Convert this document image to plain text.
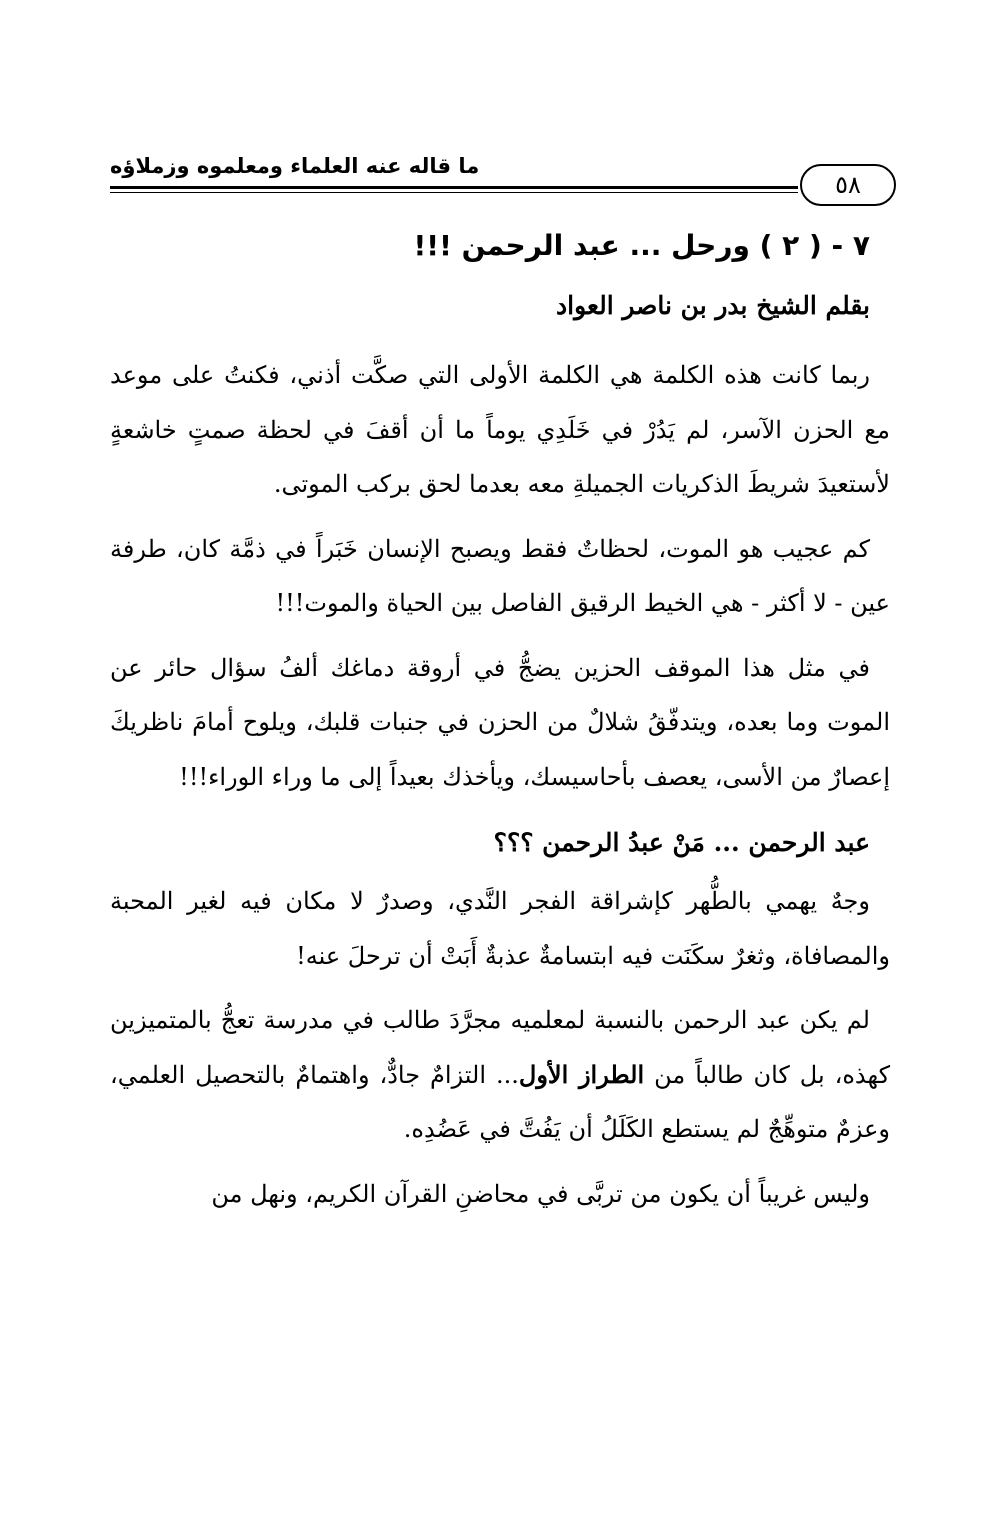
ما قاله عنه العلماء ومعلموه وزملاؤه
٥٨
٧ - ( ٢ ) ورحل ... عبد الرحمن !!!
بقلم الشيخ بدر بن ناصر العواد

ربما كانت هذه الكلمة هي الكلمة الأولى التي صكَّت أذني، فكنتُ على موعد مع الحزن الآسر، لم يَدُرْ في خَلَدِي يوماً ما أن أقفَ في لحظة صمتٍ خاشعةٍ لأستعيدَ شريطَ الذكريات الجميلةِ معه بعدما لحق بركب الموتى.

كم عجيب هو الموت، لحظاتٌ فقط ويصبح الإنسان خَبَراً في ذمَّة كان، طرفة عين - لا أكثر - هي الخيط الرقيق الفاصل بين الحياة والموت!!!

في مثل هذا الموقف الحزين يضجُّ في أروقة دماغك ألفُ سؤال حائر عن الموت وما بعده، ويتدفّقُ شلالٌ من الحزن في جنبات قلبك، ويلوح أمامَ ناظريكَ إعصارٌ من الأسى، يعصف بأحاسيسك، ويأخذك بعيداً إلى ما وراء الوراء!!!

عبد الرحمن ... مَنْ عبدُ الرحمن ؟؟؟

وجهٌ يهمي بالطُّهر كإشراقة الفجر النَّدي، وصدرٌ لا مكان فيه لغير المحبة والمصافاة، وثغرٌ سكَنَت فيه ابتسامةٌ عذبةٌ أَبَتْ أن ترحلَ عنه!

لم يكن عبد الرحمن بالنسبة لمعلميه مجرَّدَ طالب في مدرسة تعجُّ بالمتميزين كهذه، بل كان طالباً من الطراز الأول... التزامٌ جادٌّ، واهتمامٌ بالتحصيل العلمي، وعزمٌ متوهِّجٌ لم يستطع الكَلَلُ أن يَفُتَّ في عَضُدِه.

وليس غريباً أن يكون من تربَّى في محاضنِ القرآن الكريم، ونهل من
